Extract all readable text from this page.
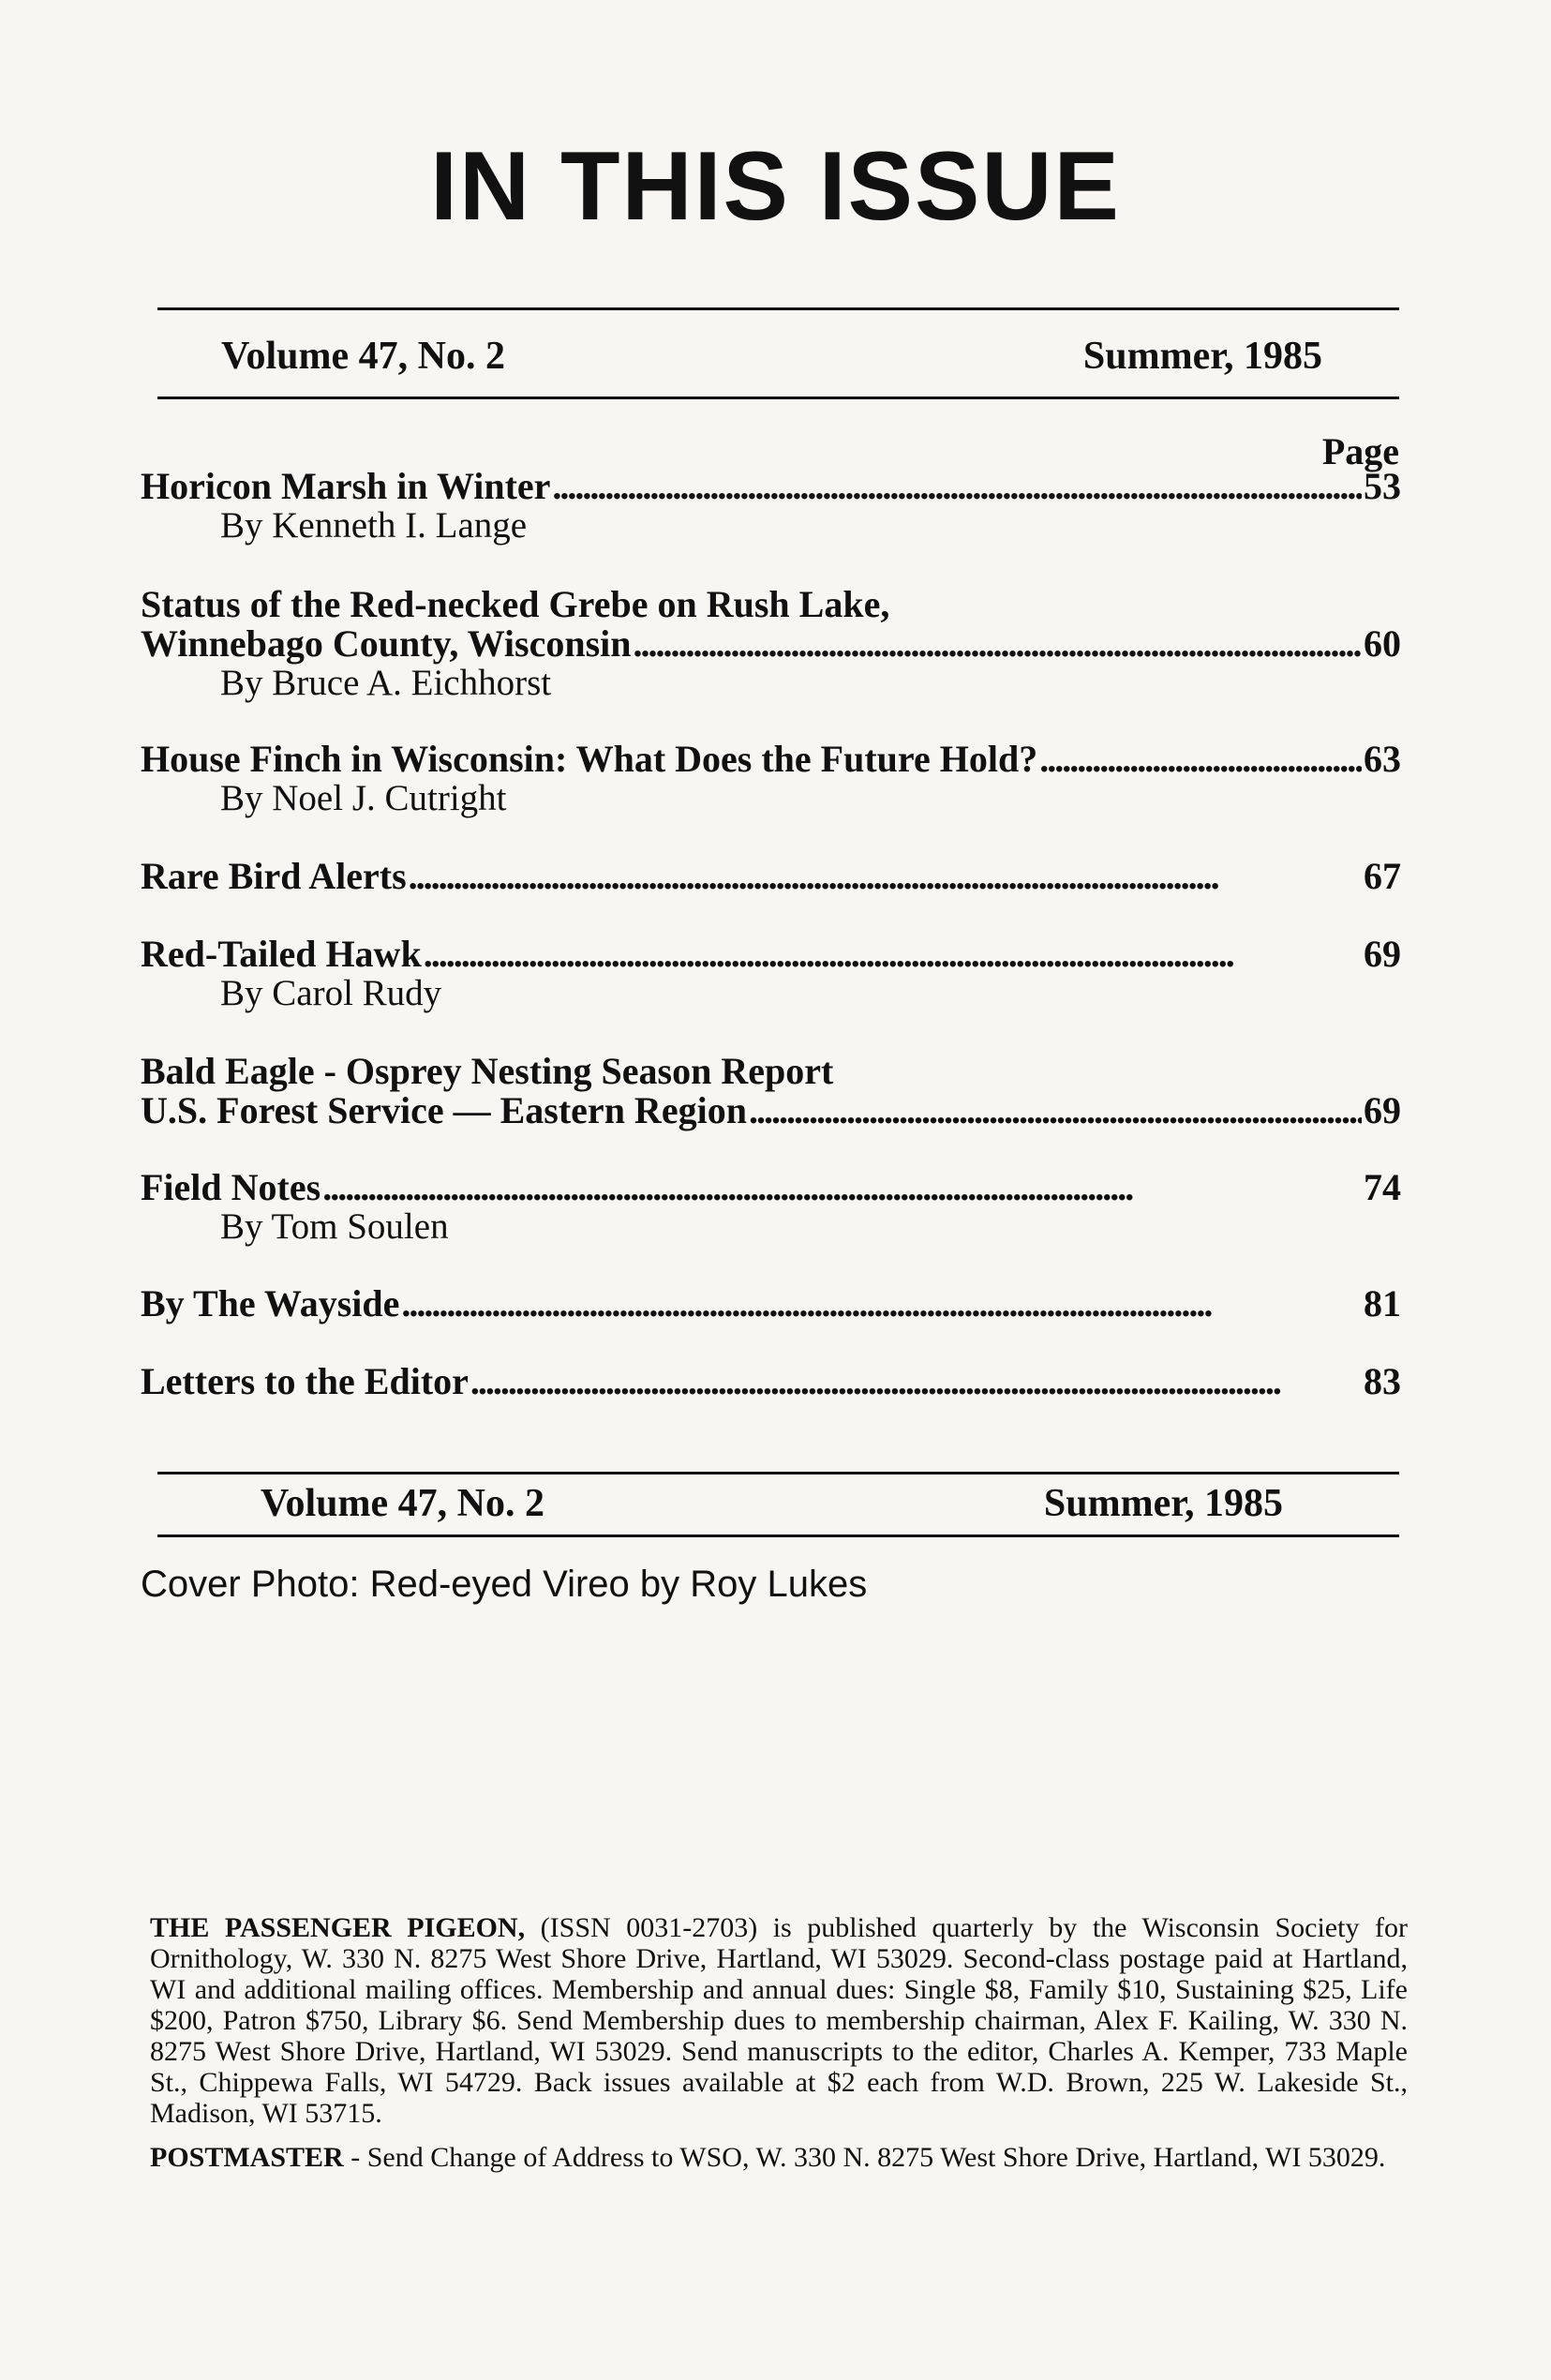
IN THIS ISSUE
Volume 47, No. 2	Summer, 1985
Page
Horicon Marsh in Winter . . .	53
By Kenneth I. Lange
Status of the Red-necked Grebe on Rush Lake,
Winnebago County, Wisconsin . . .	60
By Bruce A. Eichhorst
House Finch in Wisconsin: What Does the Future Hold? . . .	63
By Noel J. Cutright
Rare Bird Alerts . . .	67
Red-Tailed Hawk . . .	69
By Carol Rudy
Bald Eagle - Osprey Nesting Season Report
U.S. Forest Service — Eastern Region . . .	69
Field Notes . . .	74
By Tom Soulen
By The Wayside . . .	81
Letters to the Editor . . .	83
Volume 47, No. 2	Summer, 1985
Cover Photo: Red-eyed Vireo by Roy Lukes

THE PASSENGER PIGEON, (ISSN 0031-2703) is published quarterly by the Wisconsin Society for Ornithology, W. 330 N. 8275 West Shore Drive, Hartland, WI 53029. Second-class postage paid at Hartland, WI and additional mailing offices. Membership and annual dues: Single $8, Family $10, Sustaining $25, Life $200, Patron $750, Library $6. Send Membership dues to membership chairman, Alex F. Kailing, W. 330 N. 8275 West Shore Drive, Hartland, WI 53029. Send manuscripts to the editor, Charles A. Kemper, 733 Maple St., Chippewa Falls, WI 54729. Back issues available at $2 each from W.D. Brown, 225 W. Lakeside St., Madison, WI 53715.

POSTMASTER - Send Change of Address to WSO, W. 330 N. 8275 West Shore Drive, Hartland, WI 53029.
